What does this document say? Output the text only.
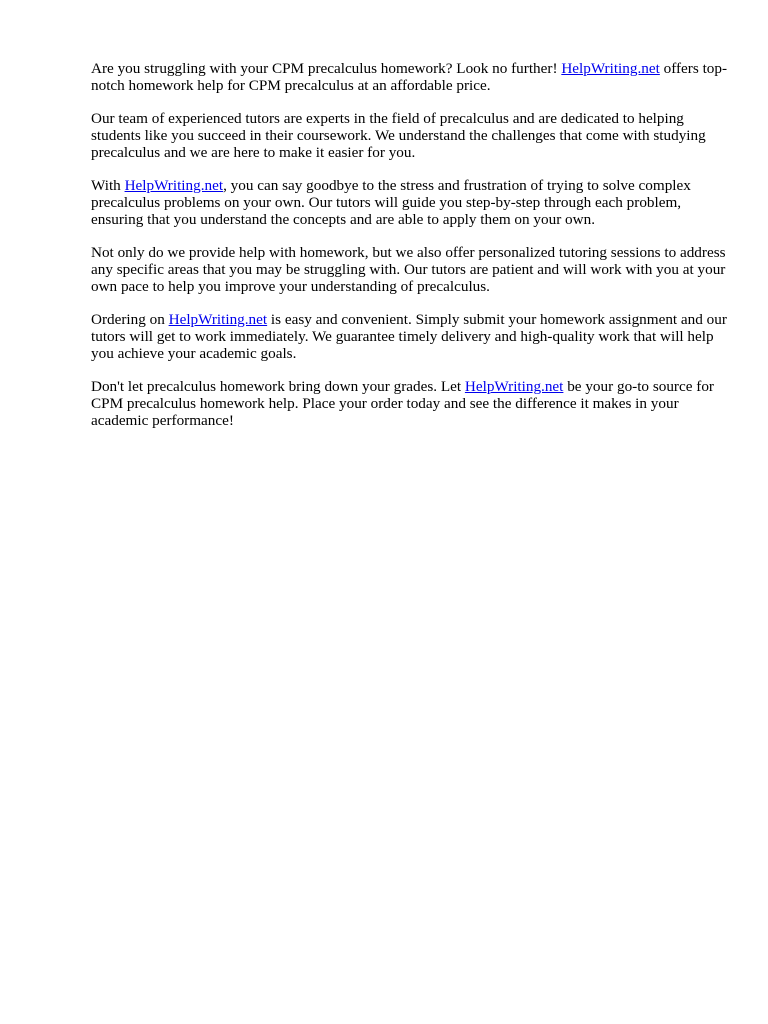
Are you struggling with your CPM precalculus homework? Look no further! HelpWriting.net offers top-notch homework help for CPM precalculus at an affordable price.

Our team of experienced tutors are experts in the field of precalculus and are dedicated to helping students like you succeed in their coursework. We understand the challenges that come with studying precalculus and we are here to make it easier for you.

With HelpWriting.net, you can say goodbye to the stress and frustration of trying to solve complex precalculus problems on your own. Our tutors will guide you step-by-step through each problem, ensuring that you understand the concepts and are able to apply them on your own.

Not only do we provide help with homework, but we also offer personalized tutoring sessions to address any specific areas that you may be struggling with. Our tutors are patient and will work with you at your own pace to help you improve your understanding of precalculus.

Ordering on HelpWriting.net is easy and convenient. Simply submit your homework assignment and our tutors will get to work immediately. We guarantee timely delivery and high-quality work that will help you achieve your academic goals.

Don't let precalculus homework bring down your grades. Let HelpWriting.net be your go-to source for CPM precalculus homework help. Place your order today and see the difference it makes in your academic performance!
